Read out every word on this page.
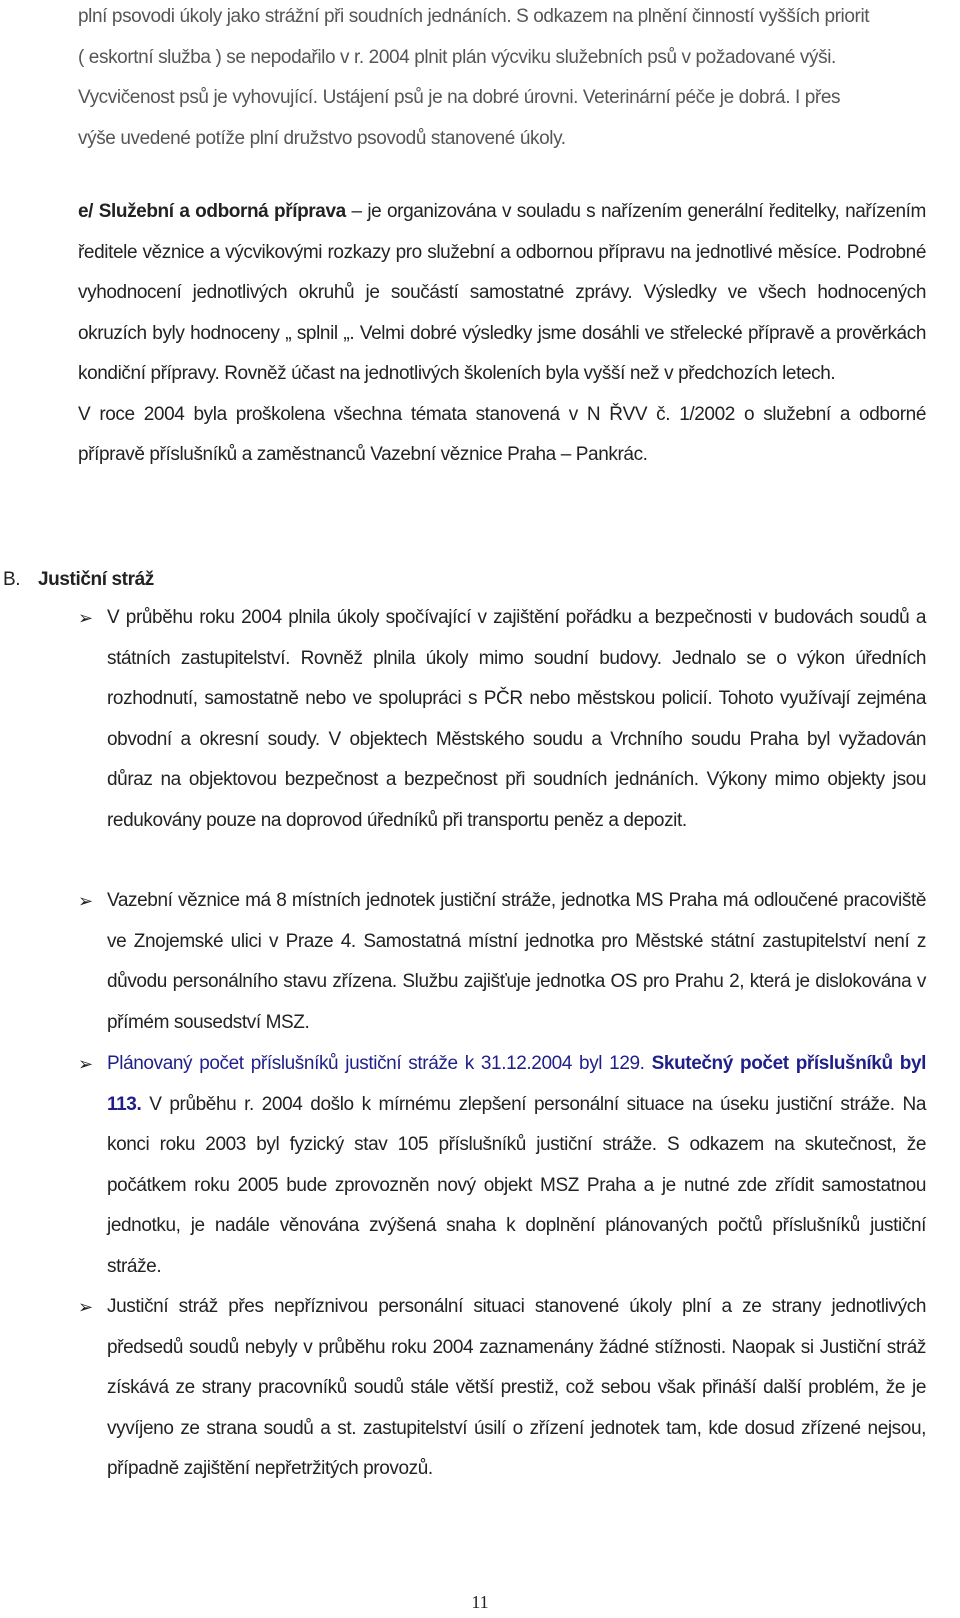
plní psovodi úkoly jako strážní při soudních jednáních. S odkazem na plnění činností vyšších priorit

( eskortní služba ) se nepodařilo v r. 2004 plnit plán výcviku služebních psů v požadované výši.

Vycvičenost psů je vyhovující. Ustájení psů je na dobré úrovni. Veterinární péče je dobrá. I přes

výše uvedené potíže plní družstvo psovodů stanovené úkoly.

e/ Služební a odborná příprava – je organizována v souladu s nařízením generální ředitelky, nařízením ředitele věznice a výcvikovými rozkazy pro služební a odbornou přípravu na jednotlivé měsíce. Podrobné vyhodnocení jednotlivých okruhů je součástí samostatné zprávy. Výsledky ve všech hodnocených okruzích byly hodnoceny „ splnil „. Velmi dobré výsledky jsme dosáhli ve střelecké přípravě a prověrkách kondiční přípravy. Rovněž účast na jednotlivých školeních byla vyšší než v předchozích letech.

V roce 2004 byla proškolena všechna témata stanovená v N ŘVV č. 1/2002 o služební a odborné přípravě příslušníků a zaměstnanců Vazební věznice Praha – Pankrác.

B. Justiční stráž
➢ V průběhu roku 2004 plnila úkoly spočívající v zajištění pořádku a bezpečnosti v budovách soudů a státních zastupitelství. Rovněž plnila úkoly mimo soudní budovy. Jednalo se o výkon úředních rozhodnutí, samostatně nebo ve spolupráci s PČR nebo městskou policií. Tohoto využívají zejména obvodní a okresní soudy. V objektech Městského soudu a Vrchního soudu Praha byl vyžadován důraz na objektovou bezpečnost a bezpečnost při soudních jednáních. Výkony mimo objekty jsou redukovány pouze na doprovod úředníků při transportu peněz a depozit.

➢ Vazební věznice má 8 místních jednotek justiční stráže, jednotka MS Praha má odloučené pracoviště ve Znojemské ulici v Praze 4. Samostatná místní jednotka pro Městské státní zastupitelství není z důvodu personálního stavu zřízena. Službu zajišťuje jednotka OS pro Prahu 2, která je dislokována v přímém sousedství MSZ.

➢ Plánovaný počet příslušníků justiční stráže k 31.12.2004 byl 129. Skutečný počet příslušníků byl 113. V průběhu r. 2004 došlo k mírnému zlepšení personální situace na úseku justiční stráže. Na konci roku 2003 byl fyzický stav 105 příslušníků justiční stráže. S odkazem na skutečnost, že počátkem roku 2005 bude zprovozněn nový objekt MSZ Praha a je nutné zde zřídit samostatnou jednotku, je nadále věnována zvýšená snaha k doplnění plánovaných počtů příslušníků justiční stráže.

➢ Justiční stráž přes nepříznivou personální situaci stanovené úkoly plní a ze strany jednotlivých předsedů soudů nebyly v průběhu roku 2004 zaznamenány žádné stížnosti. Naopak si Justiční stráž získává ze strany pracovníků soudů stále větší prestiž, což sebou však přináší další problém, že je vyvíjeno ze strana soudů a st. zastupitelství úsilí o zřízení jednotek tam, kde dosud zřízené nejsou, případně zajištění nepřetržitých provozů.

11
